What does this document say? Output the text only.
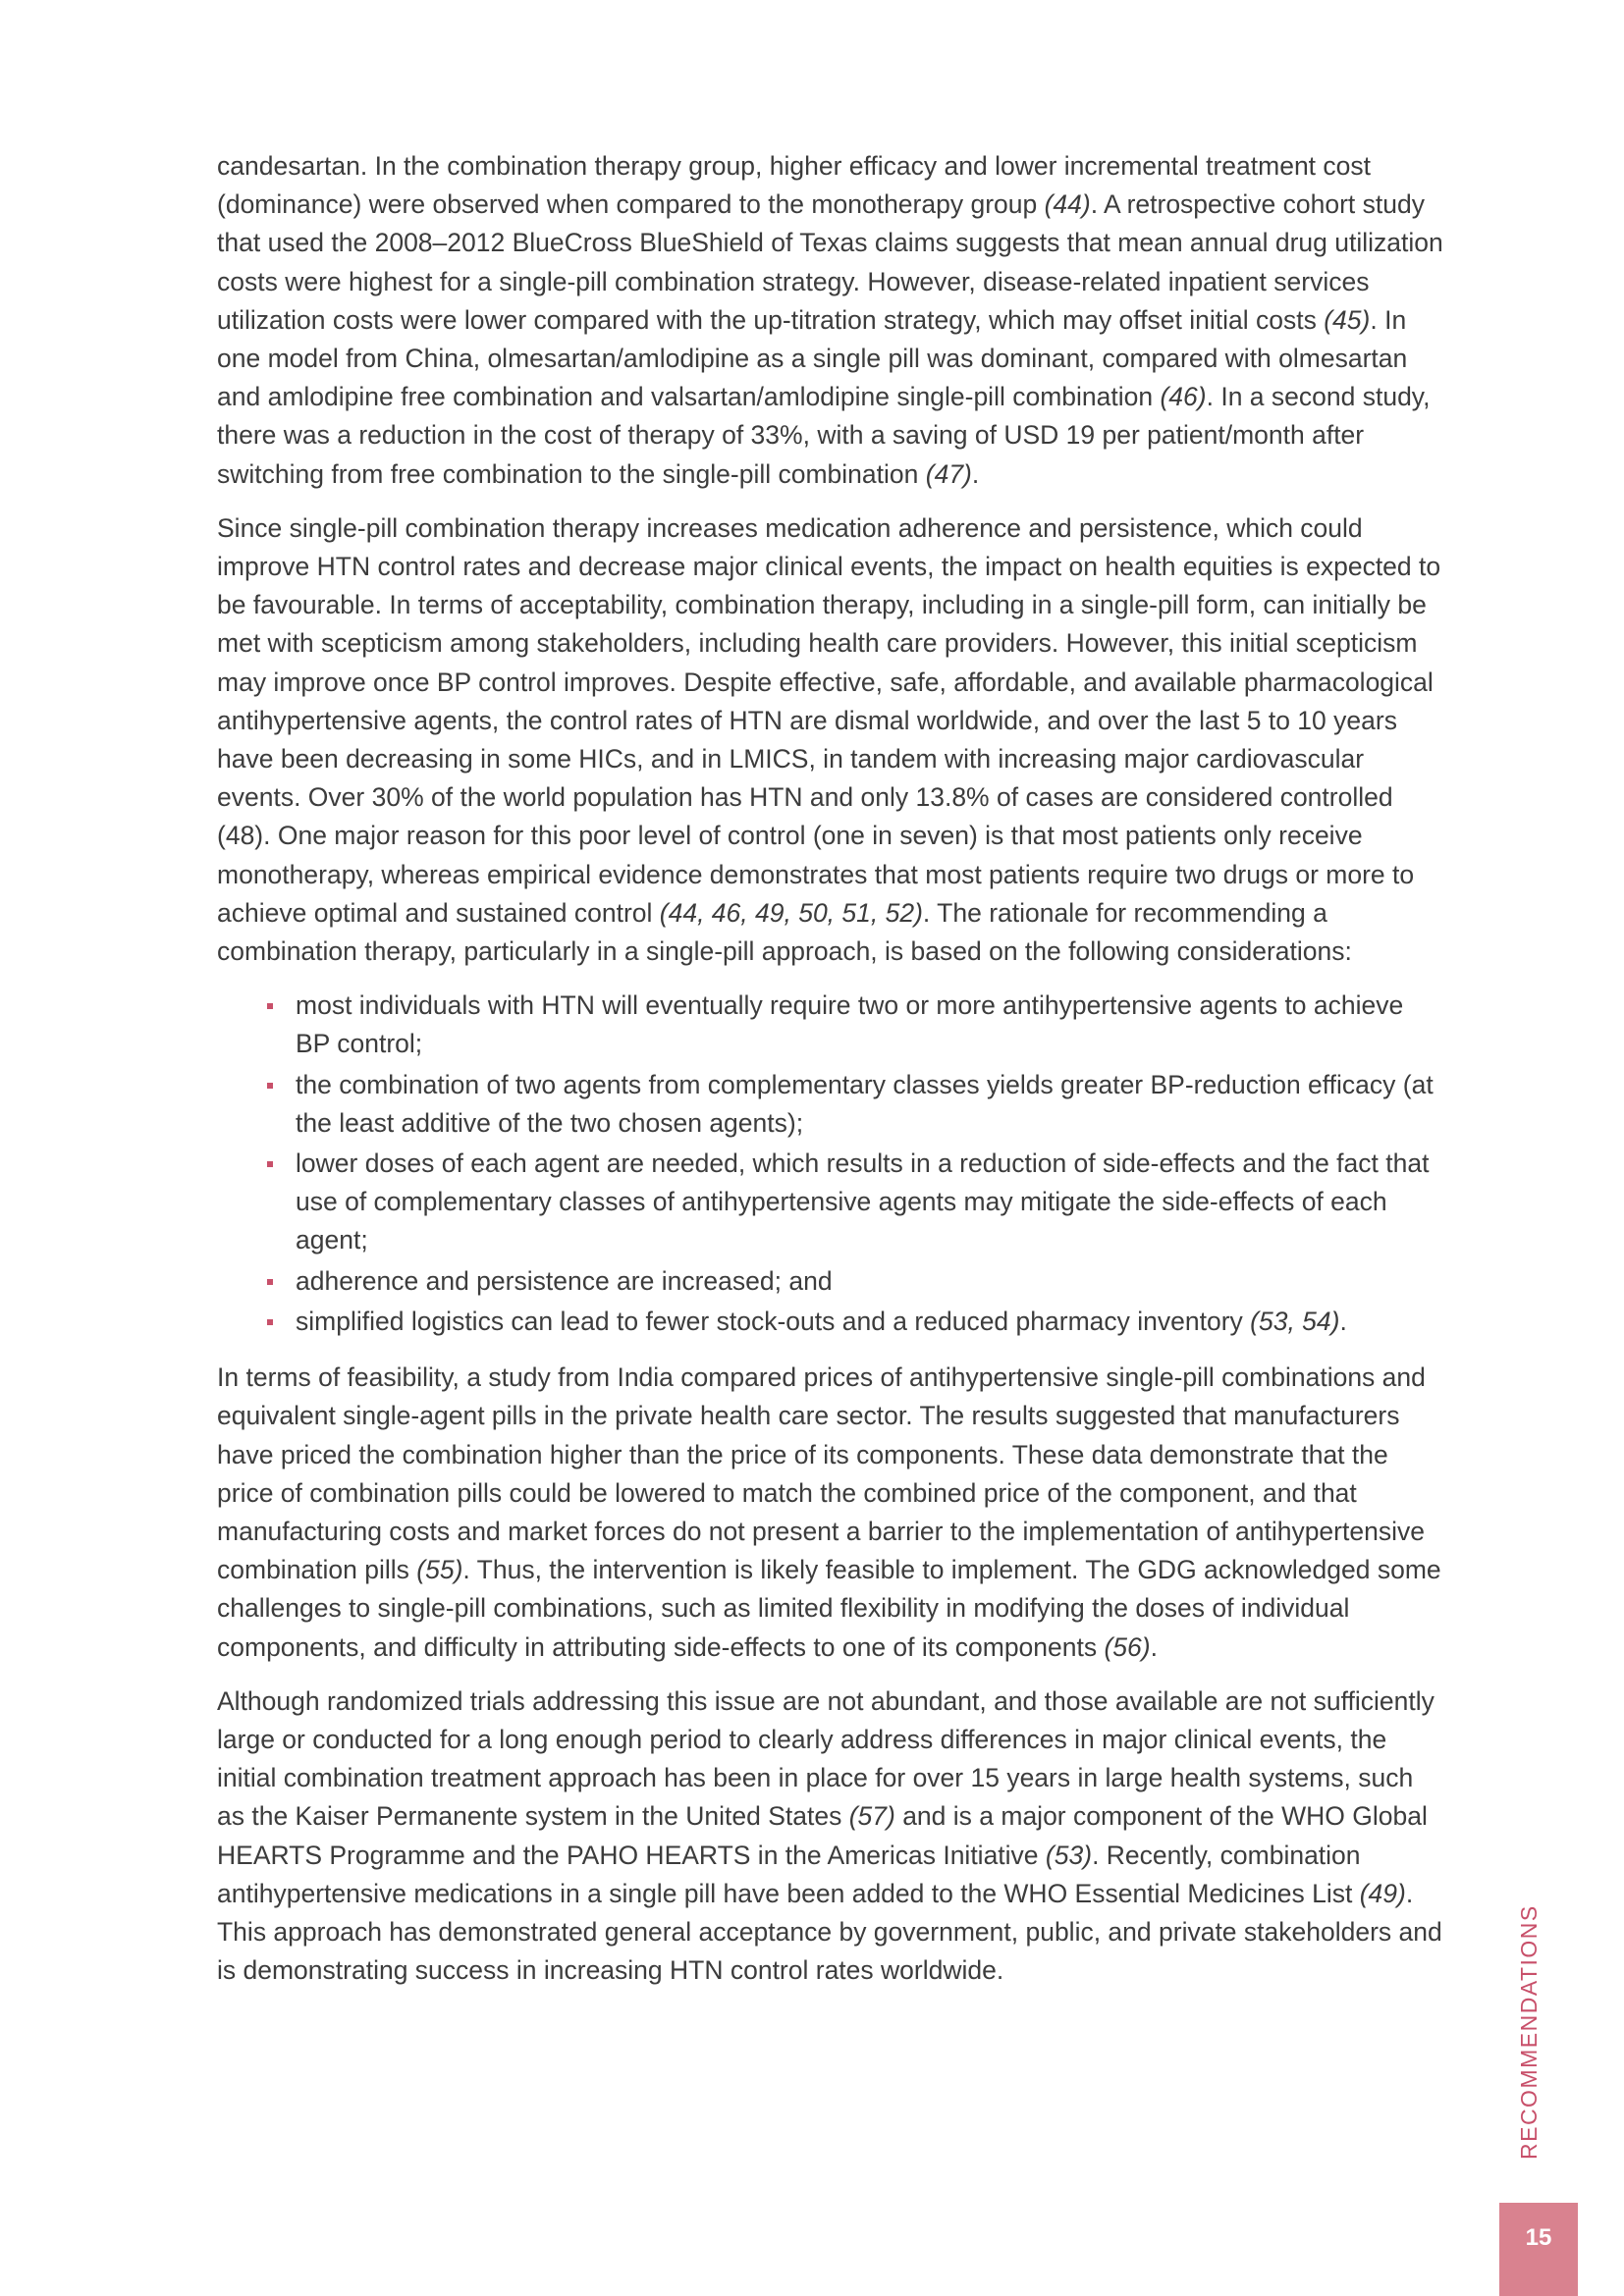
candesartan. In the combination therapy group, higher efficacy and lower incremental treatment cost (dominance) were observed when compared to the monotherapy group (44). A retrospective cohort study that used the 2008–2012 BlueCross BlueShield of Texas claims suggests that mean annual drug utilization costs were highest for a single-pill combination strategy. However, disease-related inpatient services utilization costs were lower compared with the up-titration strategy, which may offset initial costs (45). In one model from China, olmesartan/amlodipine as a single pill was dominant, compared with olmesartan and amlodipine free combination and valsartan/amlodipine single-pill combination (46). In a second study, there was a reduction in the cost of therapy of 33%, with a saving of USD 19 per patient/month after switching from free combination to the single-pill combination (47).

Since single-pill combination therapy increases medication adherence and persistence, which could improve HTN control rates and decrease major clinical events, the impact on health equities is expected to be favourable. In terms of acceptability, combination therapy, including in a single-pill form, can initially be met with scepticism among stakeholders, including health care providers. However, this initial scepticism may improve once BP control improves. Despite effective, safe, affordable, and available pharmacological antihypertensive agents, the control rates of HTN are dismal worldwide, and over the last 5 to 10 years have been decreasing in some HICs, and in LMICS, in tandem with increasing major cardiovascular events. Over 30% of the world population has HTN and only 13.8% of cases are considered controlled (48). One major reason for this poor level of control (one in seven) is that most patients only receive monotherapy, whereas empirical evidence demonstrates that most patients require two drugs or more to achieve optimal and sustained control (44, 46, 49, 50, 51, 52). The rationale for recommending a combination therapy, particularly in a single-pill approach, is based on the following considerations:

most individuals with HTN will eventually require two or more antihypertensive agents to achieve BP control;
the combination of two agents from complementary classes yields greater BP-reduction efficacy (at the least additive of the two chosen agents);
lower doses of each agent are needed, which results in a reduction of side-effects and the fact that use of complementary classes of antihypertensive agents may mitigate the side-effects of each agent;
adherence and persistence are increased; and
simplified logistics can lead to fewer stock-outs and a reduced pharmacy inventory (53, 54).

In terms of feasibility, a study from India compared prices of antihypertensive single-pill combinations and equivalent single-agent pills in the private health care sector. The results suggested that manufacturers have priced the combination higher than the price of its components. These data demonstrate that the price of combination pills could be lowered to match the combined price of the component, and that manufacturing costs and market forces do not present a barrier to the implementation of antihypertensive combination pills (55). Thus, the intervention is likely feasible to implement. The GDG acknowledged some challenges to single-pill combinations, such as limited flexibility in modifying the doses of individual components, and difficulty in attributing side-effects to one of its components (56).

Although randomized trials addressing this issue are not abundant, and those available are not sufficiently large or conducted for a long enough period to clearly address differences in major clinical events, the initial combination treatment approach has been in place for over 15 years in large health systems, such as the Kaiser Permanente system in the United States (57) and is a major component of the WHO Global HEARTS Programme and the PAHO HEARTS in the Americas Initiative (53). Recently, combination antihypertensive medications in a single pill have been added to the WHO Essential Medicines List (49). This approach has demonstrated general acceptance by government, public, and private stakeholders and is demonstrating success in increasing HTN control rates worldwide.	RECOMMENDATIONS
15
